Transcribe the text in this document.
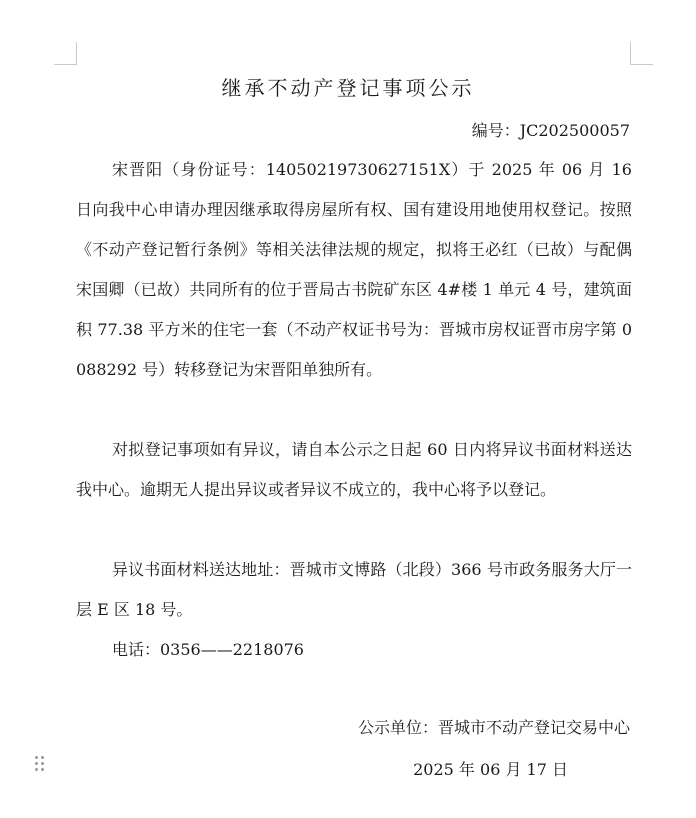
继承不动产登记事项公示
编号：JC202500057

宋晋阳（身份证号：14050219730627151X）于 2025 年 06 月 16 日向我中心申请办理因继承取得房屋所有权、国有建设用地使用权登记。按照《不动产登记暂行条例》等相关法律法规的规定，拟将王必红（已故）与配偶宋国卿（已故）共同所有的位于晋局古书院矿东区 4#楼 1 单元 4 号，建筑面积 77.38 平方米的住宅一套（不动产权证书号为：晋城市房权证晋市房字第 0088292 号）转移登记为宋晋阳单独所有。

对拟登记事项如有异议，请自本公示之日起 60 日内将异议书面材料送达我中心。逾期无人提出异议或者异议不成立的，我中心将予以登记。

异议书面材料送达地址：晋城市文博路（北段）366 号市政务服务大厅一层 E 区 18 号。

电话：0356——2218076

公示单位：晋城市不动产登记交易中心
2025 年 06 月 17 日
